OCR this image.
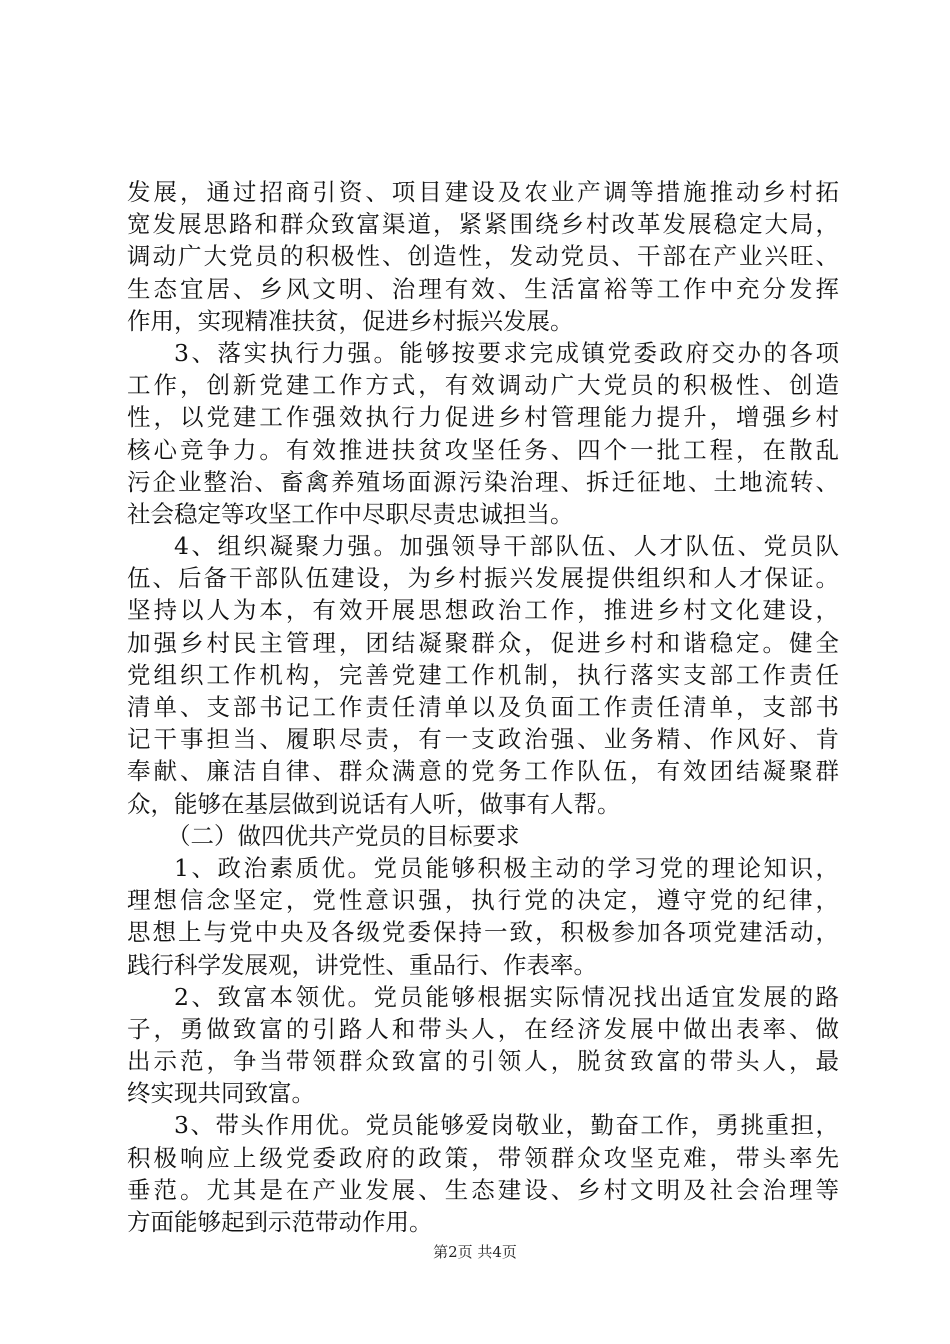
发展，通过招商引资、项目建设及农业产调等措施推动乡村拓
宽发展思路和群众致富渠道，紧紧围绕乡村改革发展稳定大局，
调动广大党员的积极性、创造性，发动党员、干部在产业兴旺、
生态宜居、乡风文明、治理有效、生活富裕等工作中充分发挥
作用，实现精准扶贫，促进乡村振兴发展。
3、落实执行力强。能够按要求完成镇党委政府交办的各项
工作，创新党建工作方式，有效调动广大党员的积极性、创造
性，以党建工作强效执行力促进乡村管理能力提升，增强乡村
核心竞争力。有效推进扶贫攻坚任务、四个一批工程，在散乱
污企业整治、畜禽养殖场面源污染治理、拆迁征地、土地流转、
社会稳定等攻坚工作中尽职尽责忠诚担当。
4、组织凝聚力强。加强领导干部队伍、人才队伍、党员队
伍、后备干部队伍建设，为乡村振兴发展提供组织和人才保证。
坚持以人为本，有效开展思想政治工作，推进乡村文化建设，
加强乡村民主管理，团结凝聚群众，促进乡村和谐稳定。健全
党组织工作机构，完善党建工作机制，执行落实支部工作责任
清单、支部书记工作责任清单以及负面工作责任清单，支部书
记干事担当、履职尽责，有一支政治强、业务精、作风好、肯
奉献、廉洁自律、群众满意的党务工作队伍，有效团结凝聚群
众，能够在基层做到说话有人听，做事有人帮。
（二）做四优共产党员的目标要求
1、政治素质优。党员能够积极主动的学习党的理论知识，
理想信念坚定，党性意识强，执行党的决定，遵守党的纪律，
思想上与党中央及各级党委保持一致，积极参加各项党建活动，
践行科学发展观，讲党性、重品行、作表率。
2、致富本领优。党员能够根据实际情况找出适宜发展的路
子，勇做致富的引路人和带头人，在经济发展中做出表率、做
出示范，争当带领群众致富的引领人，脱贫致富的带头人，最
终实现共同致富。
3、带头作用优。党员能够爱岗敬业，勤奋工作，勇挑重担，
积极响应上级党委政府的政策，带领群众攻坚克难，带头率先
垂范。尤其是在产业发展、生态建设、乡村文明及社会治理等
方面能够起到示范带动作用。
第2页 共4页
